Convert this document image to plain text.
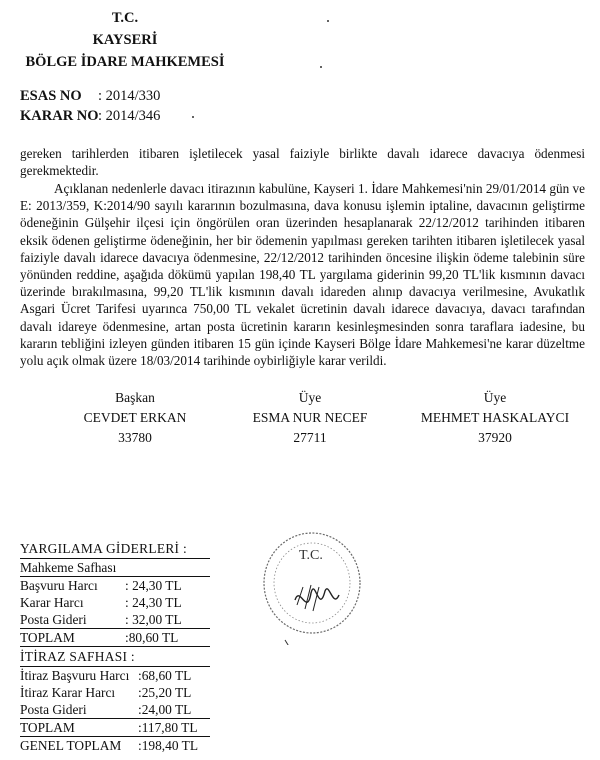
T.C.
KAYSERİ
BÖLGE İDARE MAHKEMESİ
ESAS NO : 2014/330
KARAR NO: 2014/346
gereken tarihlerden itibaren işletilecek yasal faiziyle birlikte davalı idarece davacıya ödenmesi gerekmektedir.
Açıklanan nedenlerle davacı itirazının kabulüne, Kayseri 1. İdare Mahkemesi'nin 29/01/2014 gün ve E: 2013/359, K:2014/90 sayılı kararının bozulmasına, dava konusu işlemin iptaline, davacının geliştirme ödeneğinin Gülşehir ilçesi için öngörülen oran üzerinden hesaplanarak 22/12/2012 tarihinden itibaren eksik ödenen geliştirme ödeneğinin, her bir ödemenin yapılması gereken tarihten itibaren işletilecek yasal faiziyle davalı idarece davacıya ödenmesine, 22/12/2012 tarihinden öncesine ilişkin ödeme talebinin süre yönünden reddine, aşağıda dökümü yapılan 198,40 TL yargılama giderinin 99,20 TL'lik kısmının davacı üzerinde bırakılmasına, 99,20 TL'lik kısmının davalı idareden alınıp davacıya verilmesine, Avukatlık Asgari Ücret Tarifesi uyarınca 750,00 TL vekalet ücretinin davalı idarece davacıya, davacı tarafından davalı idareye ödenmesine, artan posta ücretinin kararın kesinleşmesinden sonra taraflara iadesine, bu kararın tebliğini izleyen günden itibaren 15 gün içinde Kayseri Bölge İdare Mahkemesi'ne karar düzeltme yolu açık olmak üzere 18/03/2014 tarihinde oybirliğiyle karar verildi.
Başkan
CEVDET ERKAN
33780
Üye
ESMA NUR NECEF
27711
Üye
MEHMET HASKALAYCI
37920
YARGILAMA GİDERLERİ :
Mahkeme Safhası
Başvuru Harcı : 24,30 TL
Karar Harcı	: 24,30 TL
Posta Gideri	: 32,00 TL
TOPLAM	:80,60 TL
İTİRAZ SAFHASI :
İtiraz Başvuru Harcı :68,60 TL
İtiraz Karar Harcı :25,20 TL
Posta Gideri	:24,00 TL
TOPLAM	:117,80 TL
GENEL TOPLAM :198,40 TL
T.C.
